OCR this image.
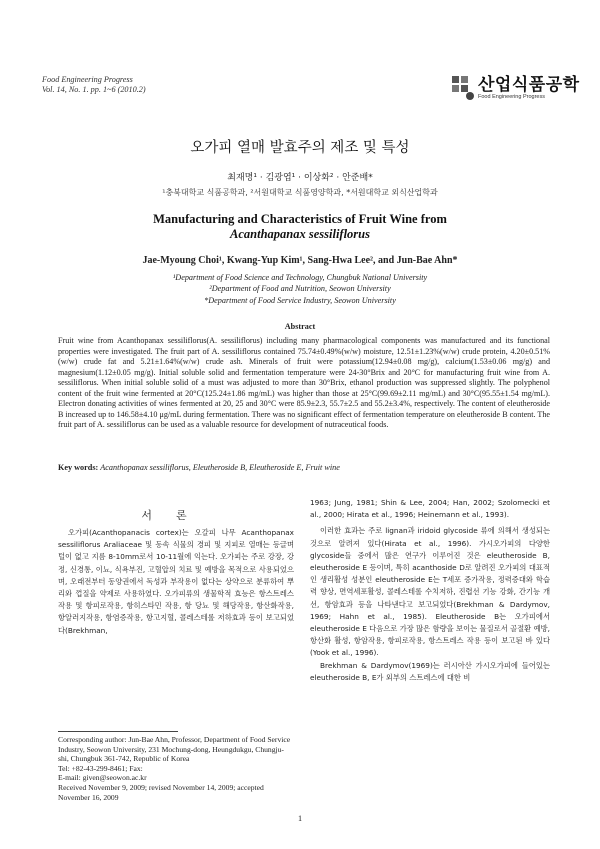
Food Engineering Progress
Vol. 14, No. 1. pp. 1~6 (2010.2)	산업식품공학
Food Engineering Progress
오가피 열매 발효주의 제조 및 특성
최재명¹ · 김광엽¹ · 이상화² · 안준배*
¹충북대학교 식품공학과, ²서원대학교 식품영양학과, *서원대학교 외식산업학과
Manufacturing and Characteristics of Fruit Wine from
Acanthapanax sessiliflorus
Jae-Myoung Choi¹, Kwang-Yup Kim¹, Sang-Hwa Lee², and Jun-Bae Ahn*
¹Department of Food Science and Technology, Chungbuk National University
²Department of Food and Nutrition, Seowon University
*Department of Food Service Industry, Seowon University
Abstract
Fruit wine from Acanthopanax sessiliflorus(A. sessiliflorus) including many pharmacological components was manufactured and its functional properties were investigated. The fruit part of A. sessiliflorus contained 75.74±0.49%(w/w) moisture, 12.51±1.23%(w/w) crude protein, 4.20±0.51%(w/w) crude fat and 5.21±1.64%(w/w) crude ash. Minerals of fruit were potassium(12.94±0.08 mg/g), calcium(1.53±0.06 mg/g) and magnesium(1.12±0.05 mg/g). Initial soluble solid and fermentation temperature were 24-30°Brix and 20°C for manufacturing fruit wine from A. sessiliflorus. When initial soluble solid of a must was adjusted to more than 30°Brix, ethanol production was suppressed slightly. The polyphenol content of the fruit wine fermented at 20°C(125.24±1.86 mg/mL) was higher than those at 25°C(99.69±2.11 mg/mL) and 30°C(95.55±1.54 mg/mL). Electron donating activities of wines fermented at 20, 25 and 30°C were 85.9±2.3, 55.7±2.5 and 55.2±3.4%, respectively. The content of eleutheroside B increased up to 146.58±4.10 μg/mL during fermentation. There was no significant effect of fermentation temperature on eleutheroside B content. The fruit part of A. sessiliflorus can be used as a valuable resource for development of nutraceutical foods.
Key words: Acanthopanax sessiliflorus, Eleutheroside B, Eleutheroside E, Fruit wine
서론

오가피(Acanthopanacis cortex)는 오갈피 나무 Acanthopanax sessiliflorus Araliaceae 및 동속 식물의 경피 및 지피로 열매는 등글며 털이 없고 지름 8-10mm로서 10-11월에 익는다. 오가피는 주로 강장, 강정, 신경통, 이뇨, 식욕부진, 고혈압의 치료 및 예방을 목적으로 사용되었으며, 오래전부터 동양권에서 독성과 부작용이 없다는 상약으로 분류하여 뿌리와 껍질을 약제로 사용하였다. 오가피류의 생물학적 효능은 항스트레스 작용 및 항피로작용, 항히스타민 작용, 항 당뇨 및 해당작용, 항산화작용, 항알러지작용, 항염증작용, 항고지혈, 콜레스테롤 저하효과 등이 보고되었다(Brekhman,

1963; Jung, 1981; Shin & Lee, 2004; Han, 2002; Szolomecki et al., 2000; Hirata et al., 1996; Heinemann et al., 1993).

이러한 효과는 주로 lignan과 iridoid glycoside 류에 의해서 생성되는 것으로 알려져 있다(Hirata et al., 1996). 가시오가피의 다양한 glycoside들 중에서 많은 연구가 이루어진 것은 eleutheroside B, eleutheroside E 등이며, 특히 acanthoside D로 알려진 오가피의 대표적인 생리활성 성분인 eleutheroside E는 T세포 증가작용, 정력증대와 학습력 향상, 면역세포활성, 콜레스테롤 수치저하, 진렵선 기능 강화, 간기능 개선, 항암효과 등을 나타낸다고 보고되었다(Brekhman & Dardymov, 1969; Hahn et al., 1985). Eleutheroside B는 오가피에서 eleutheroside E 다음으로 가장 많은 함량을 보이는 물질로서 골절환 예방, 항산화 활성, 항암작용, 항피로작용, 항스트레스 작용 등이 보고된 바 있다(Yook et al., 1996).

Brekhman & Dardymov(1969)는 러시아산 가시오가피에 들어있는 eleutheroside B, E가 외부의 스트레스에 대한 비

Corresponding author: Jun-Bae Ahn, Professor, Department of Food Service Industry, Seowon University, 231 Mochung-dong, Heungdukgu, Chungju-shi, Chungbuk 361-742, Republic of Korea
Tel: +82-43-299-8461; Fax:
E-mail: given@seowon.ac.kr
Received November 9, 2009; revised November 14, 2009; accepted November 16, 2009
1
